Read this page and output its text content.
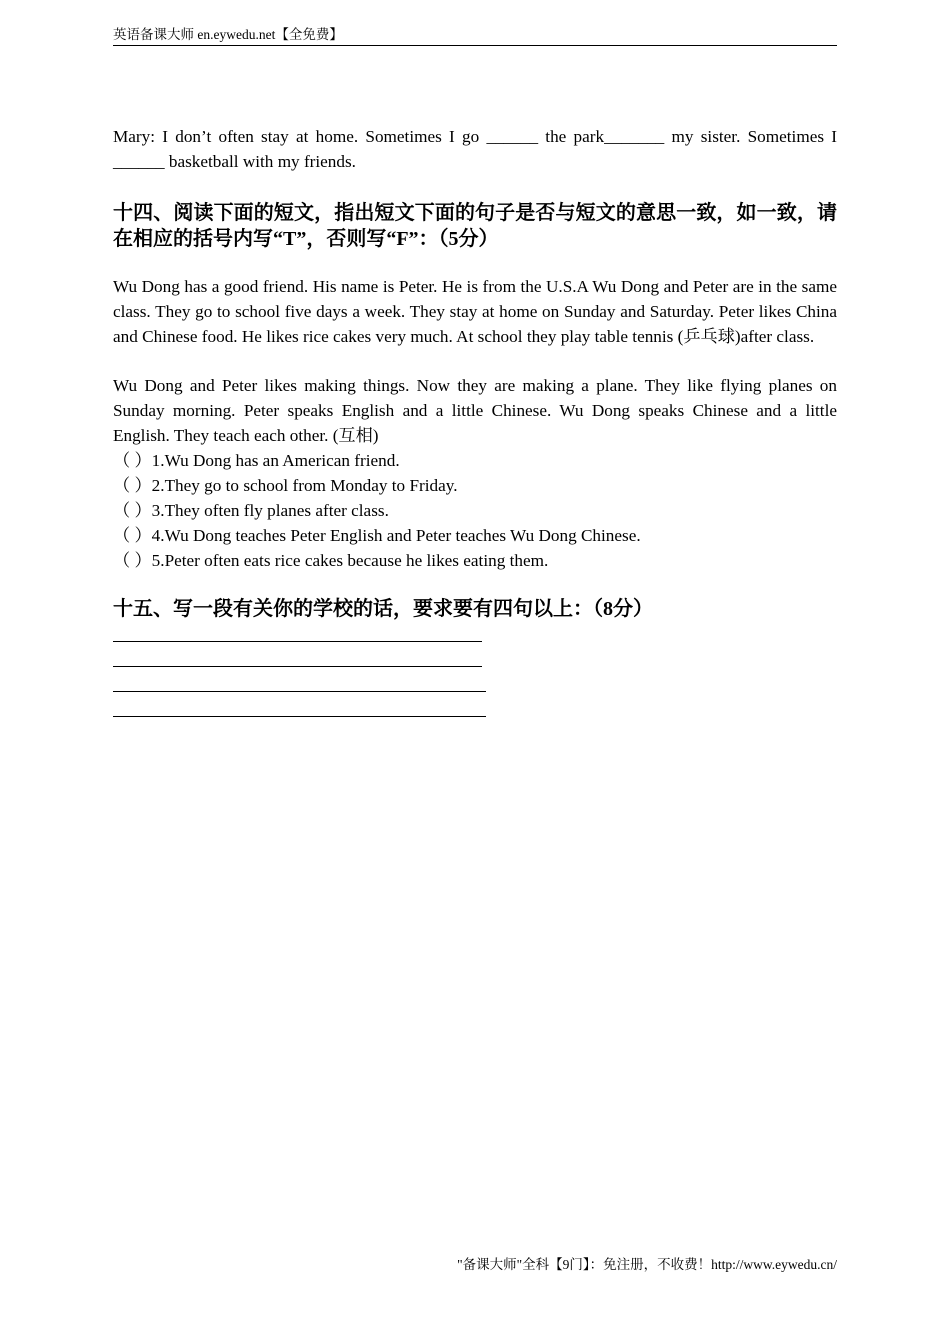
英语备课大师 en.eywedu.net【全免费】
Mary: I don’t often stay at home. Sometimes I go ______ the park_______ my sister. Sometimes I ______ basketball with my friends.
十四、阅读下面的短文，指出短文下面的句子是否与短文的意思一致，如一致，请在相应的括号内写“T”，否则写“F”：（5分）
Wu Dong has a good friend. His name is Peter. He is from the U.S.A Wu Dong and Peter are in the same class. They go to school five days a week. They stay at home on Sunday and Saturday. Peter likes China and Chinese food. He likes rice cakes very much. At school they play table tennis (乒乓球)after class.
Wu Dong and Peter likes making things. Now they are making a plane. They like flying planes on Sunday morning. Peter speaks English and a little Chinese. Wu Dong speaks Chinese and a little English. They teach each other. (互相)
（ ）1.Wu Dong has an American friend.
（ ）2.They go to school from Monday to Friday.
（ ）3.They often fly planes after class.
（ ）4.Wu Dong teaches Peter English and Peter teaches Wu Dong Chinese.
（ ）5.Peter often eats rice cakes because he likes eating them.
十五、写一段有关你的学校的话，要求要有四句以上：（8分）
"备课大师"全科【9门】：免注册，不收费！http://www.eywedu.cn/
